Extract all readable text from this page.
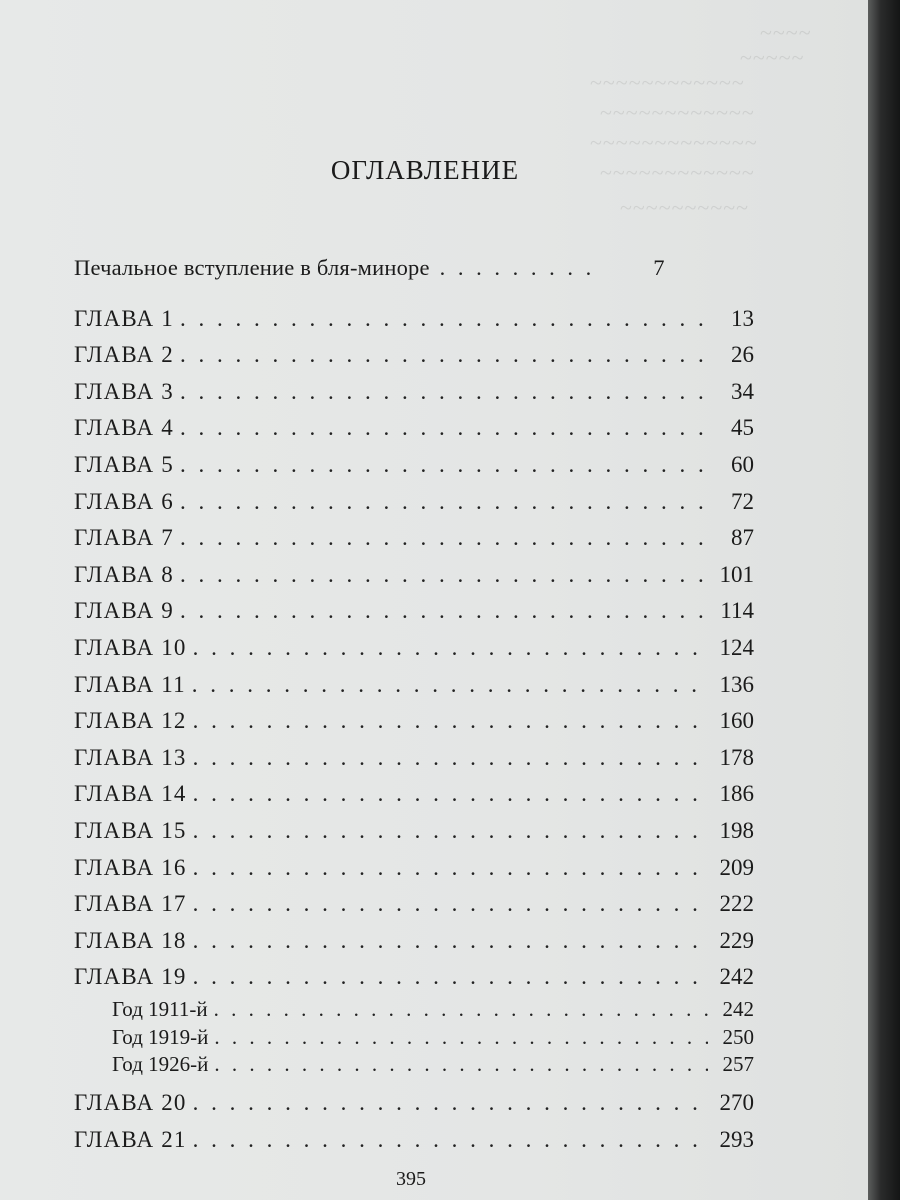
~~~~
~~~~~
~~~~~~~~~~~~
~~~~~~~~~~~~
~~~~~~~~~~~~~
~~~~~~~~~~~~
~~~~~~~~~~
ОГЛАВЛЕНИЕ
Печальное вступление в бля-миноре . . .	7
ГЛАВА 1 . . .	13
ГЛАВА 2 . . .	26
ГЛАВА 3 . . .	34
ГЛАВА 4 . . .	45
ГЛАВА 5 . . .	60
ГЛАВА 6 . . .	72
ГЛАВА 7 . . .	87
ГЛАВА 8 . . .	101
ГЛАВА 9 . . .	114
ГЛАВА 10 . . .	124
ГЛАВА 11 . . .	136
ГЛАВА 12 . . .	160
ГЛАВА 13 . . .	178
ГЛАВА 14 . . .	186
ГЛАВА 15 . . .	198
ГЛАВА 16 . . .	209
ГЛАВА 17 . . .	222
ГЛАВА 18 . . .	229
ГЛАВА 19 . . .	242
Год 1911-й . . .	242
Год 1919-й . . .	250
Год 1926-й . . .	257
ГЛАВА 20 . . .	270
ГЛАВА 21 . . .	293
395
